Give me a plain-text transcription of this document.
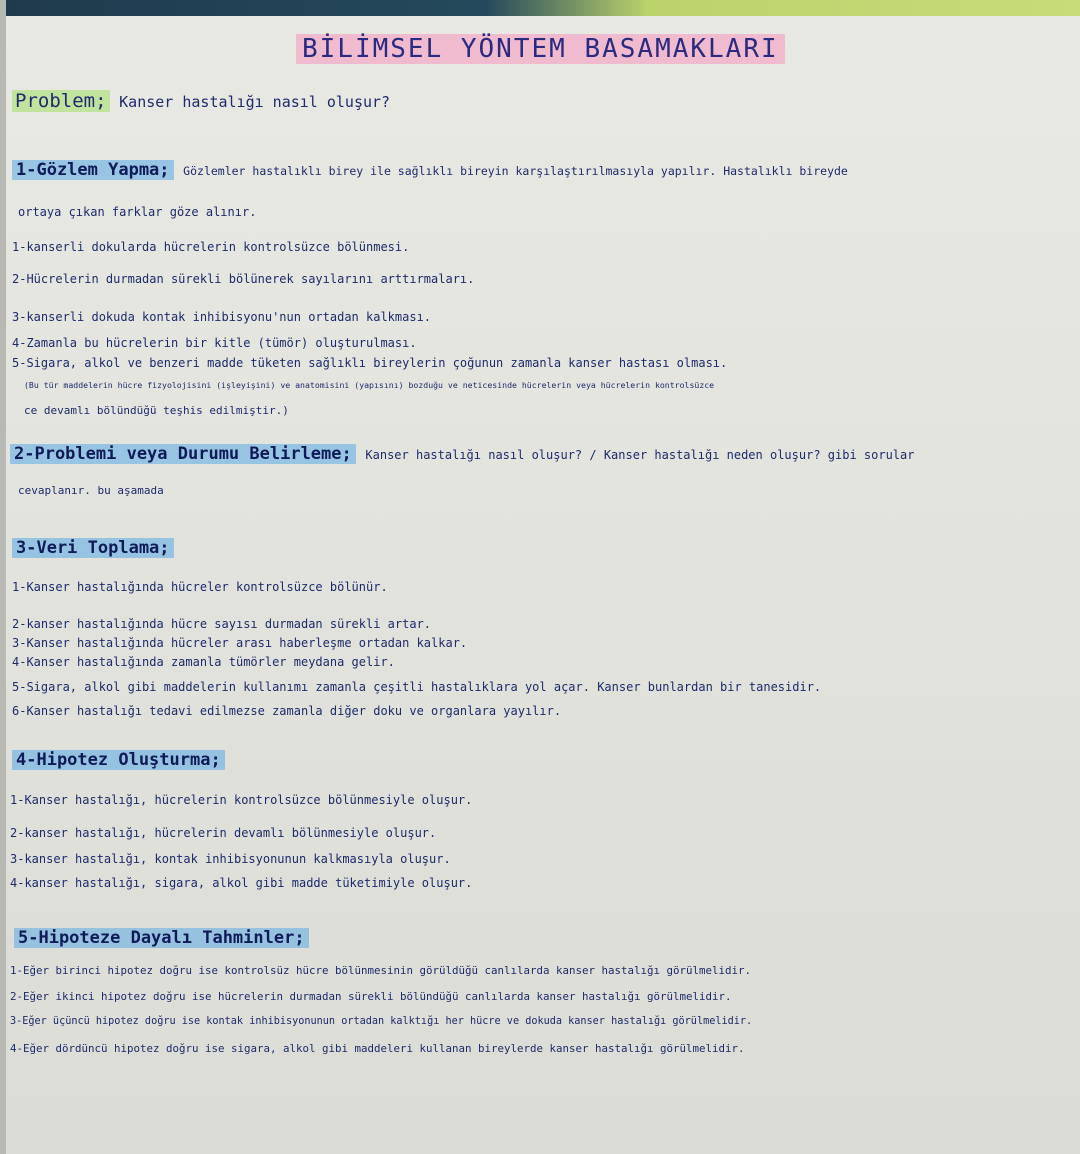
BİLİMSEL YÖNTEM BASAMAKLARI
Problem; Kanser hastalığı nasıl oluşur?
1-Gözlem Yapma; Gözlemler hastalıklı birey ile sağlıklı bireyin karşılaştırılmasıyla yapılır. Hastalıklı bireyde
ortaya çıkan farklar göze alınır.
1-kanserli dokularda hücrelerin kontrolsüzce bölünmesi.
2-Hücrelerin durmadan sürekli bölünerek sayılarını arttırmaları.
3-kanserli dokuda kontak inhibisyonu'nun ortadan kalkması.
4-Zamanla bu hücrelerin bir kitle (tümör) oluşturulması.
5-Sigara, alkol ve benzeri madde tüketen sağlıklı bireylerin çoğunun zamanla kanser hastası olması.
(Bu tür maddelerin hücre fizyolojisini (işleyişini) ve anatomisini (yapısını) bozduğu ve neticesinde hücrelerin veya hücrelerin kontrolsüzce
ce devamlı bölündüğü teşhis edilmiştir.)
2-Problemi veya Durumu Belirleme; Kanser hastalığı nasıl oluşur? / Kanser hastalığı neden oluşur? gibi sorular
cevaplanır. bu aşamada
3-Veri Toplama;
1-Kanser hastalığında hücreler kontrolsüzce bölünür.
2-kanser hastalığında hücre sayısı durmadan sürekli artar.
3-Kanser hastalığında hücreler arası haberleşme ortadan kalkar.
4-Kanser hastalığında zamanla tümörler meydana gelir.
5-Sigara, alkol gibi maddelerin kullanımı zamanla çeşitli hastalıklara yol açar. Kanser bunlardan bir tanesidir.
6-Kanser hastalığı tedavi edilmezse zamanla diğer doku ve organlara yayılır.
4-Hipotez Oluşturma;
1-Kanser hastalığı, hücrelerin kontrolsüzce bölünmesiyle oluşur.
2-kanser hastalığı, hücrelerin devamlı bölünmesiyle oluşur.
3-kanser hastalığı, kontak inhibisyonunun kalkmasıyla oluşur.
4-kanser hastalığı, sigara, alkol gibi madde tüketimiyle oluşur.
5-Hipoteze Dayalı Tahminler;
1-Eğer birinci hipotez doğru ise kontrolsüz hücre bölünmesinin görüldüğü canlılarda kanser hastalığı görülmelidir.
2-Eğer ikinci hipotez doğru ise hücrelerin durmadan sürekli bölündüğü canlılarda kanser hastalığı görülmelidir.
3-Eğer üçüncü hipotez doğru ise kontak inhibisyonunun ortadan kalktığı her hücre ve dokuda kanser hastalığı görülmelidir.
4-Eğer dördüncü hipotez doğru ise sigara, alkol gibi maddeleri kullanan bireylerde kanser hastalığı görülmelidir.
